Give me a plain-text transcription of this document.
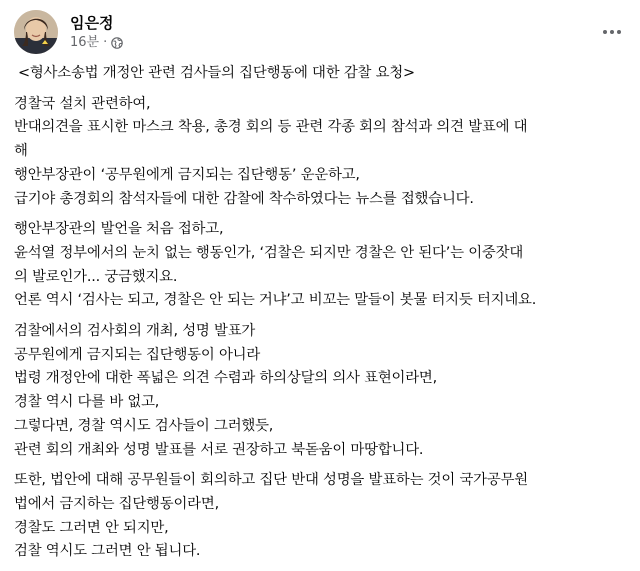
임은정
16분 ·
<형사소송법 개정안 관련 검사들의 집단행동에 대한 감찰 요청>
경찰국 설치 관련하여,
반대의견을 표시한 마스크 착용, 총경 회의 등 관련 각종 회의 참석과 의견 발표에 대
해
행안부장관이 ‘공무원에게 금지되는 집단행동’ 운운하고,
급기야 총경회의 참석자들에 대한 감찰에 착수하였다는 뉴스를 접했습니다.
행안부장관의 발언을 처음 접하고,
윤석열 정부에서의 눈치 없는 행동인가, ‘검찰은 되지만 경찰은 안 된다’는 이중잣대
의 발로인가... 궁금했지요.
언론 역시 ‘검사는 되고, 경찰은 안 되는 거냐’고 비꼬는 말들이 봇물 터지듯 터지네요.
검찰에서의 검사회의 개최, 성명 발표가
공무원에게 금지되는 집단행동이 아니라
법령 개정안에 대한 폭넓은 의견 수렴과 하의상달의 의사 표현이라면,
경찰 역시 다를 바 없고,
그렇다면, 경찰 역시도 검사들이 그러했듯,
관련 회의 개최와 성명 발표를 서로 권장하고 북돋움이 마땅합니다.
또한, 법안에 대해 공무원들이 회의하고 집단 반대 성명을 발표하는 것이 국가공무원
법에서 금지하는 집단행동이라면,
경찰도 그러면 안 되지만,
검찰 역시도 그러면 안 됩니다.
